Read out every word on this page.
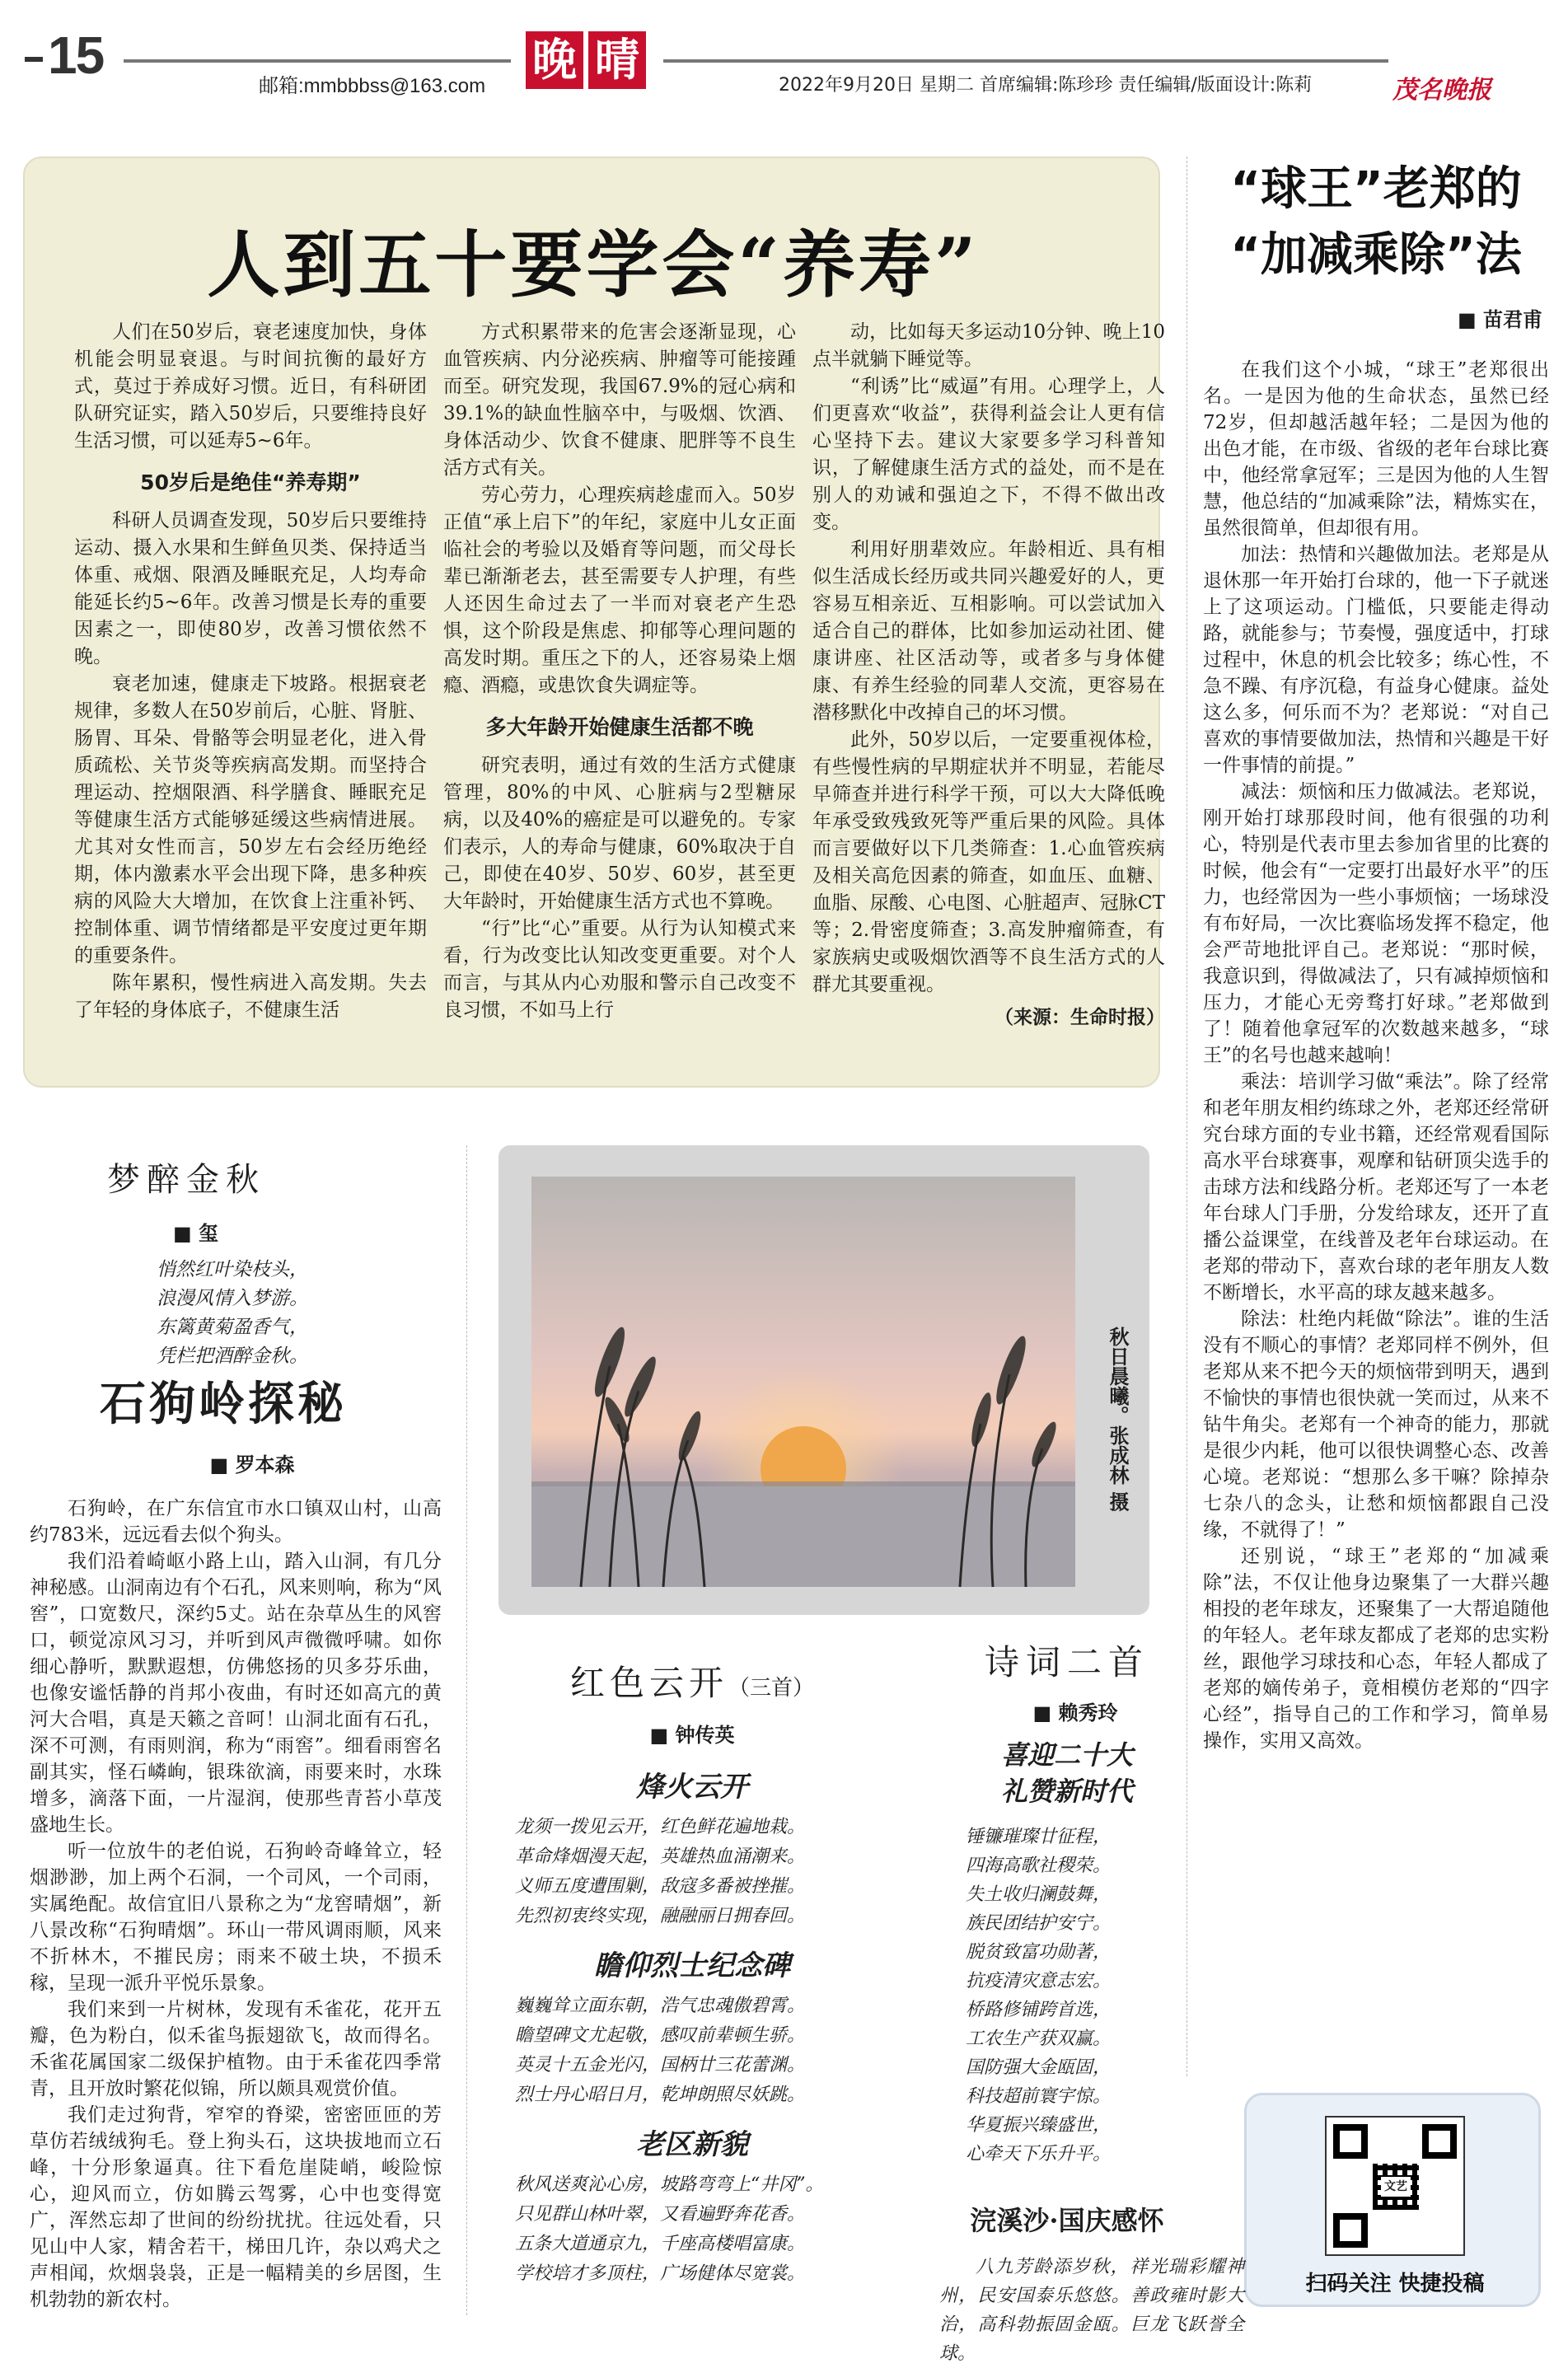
15
邮箱:mmbbbss@163.com
晚 晴	2022年9月20日 星期二 首席编辑:陈珍珍 责任编辑/版面设计:陈莉	茂名晚报
人到五十要学会“养寿”

人们在50岁后，衰老速度加快，身体机能会明显衰退。与时间抗衡的最好方式，莫过于养成好习惯。近日，有科研团队研究证实，踏入50岁后，只要维持良好生活习惯，可以延寿5~6年。

50岁后是绝佳“养寿期”

科研人员调查发现，50岁后只要维持运动、摄入水果和生鲜鱼贝类、保持适当体重、戒烟、限酒及睡眠充足，人均寿命能延长约5~6年。改善习惯是长寿的重要因素之一，即使80岁，改善习惯依然不晚。

衰老加速，健康走下坡路。根据衰老规律，多数人在50岁前后，心脏、肾脏、肠胃、耳朵、骨骼等会明显老化，进入骨质疏松、关节炎等疾病高发期。而坚持合理运动、控烟限酒、科学膳食、睡眠充足等健康生活方式能够延缓这些病情进展。尤其对女性而言，50岁左右会经历绝经期，体内激素水平会出现下降，患多种疾病的风险大大增加，在饮食上注重补钙、控制体重、调节情绪都是平安度过更年期的重要条件。

陈年累积，慢性病进入高发期。失去了年轻的身体底子，不健康生活

方式积累带来的危害会逐渐显现，心血管疾病、内分泌疾病、肿瘤等可能接踵而至。研究发现，我国67.9%的冠心病和39.1%的缺血性脑卒中，与吸烟、饮酒、身体活动少、饮食不健康、肥胖等不良生活方式有关。

劳心劳力，心理疾病趁虚而入。50岁正值“承上启下”的年纪，家庭中儿女正面临社会的考验以及婚育等问题，而父母长辈已渐渐老去，甚至需要专人护理，有些人还因生命过去了一半而对衰老产生恐惧，这个阶段是焦虑、抑郁等心理问题的高发时期。重压之下的人，还容易染上烟瘾、酒瘾，或患饮食失调症等。

多大年龄开始健康生活都不晚

研究表明，通过有效的生活方式健康管理，80%的中风、心脏病与2型糖尿病，以及40%的癌症是可以避免的。专家们表示，人的寿命与健康，60%取决于自己，即使在40岁、50岁、60岁，甚至更大年龄时，开始健康生活方式也不算晚。

“行”比“心”重要。从行为认知模式来看，行为改变比认知改变更重要。对个人而言，与其从内心劝服和警示自己改变不良习惯，不如马上行

动，比如每天多运动10分钟、晚上10点半就躺下睡觉等。

“利诱”比“威逼”有用。心理学上，人们更喜欢“收益”，获得利益会让人更有信心坚持下去。建议大家要多学习科普知识，了解健康生活方式的益处，而不是在别人的劝诫和强迫之下，不得不做出改变。

利用好朋辈效应。年龄相近、具有相似生活成长经历或共同兴趣爱好的人，更容易互相亲近、互相影响。可以尝试加入适合自己的群体，比如参加运动社团、健康讲座、社区活动等，或者多与身体健康、有养生经验的同辈人交流，更容易在潜移默化中改掉自己的坏习惯。

此外，50岁以后，一定要重视体检，有些慢性病的早期症状并不明显，若能尽早筛查并进行科学干预，可以大大降低晚年承受致残致死等严重后果的风险。具体而言要做好以下几类筛查：1.心血管疾病及相关高危因素的筛查，如血压、血糖、血脂、尿酸、心电图、心脏超声、冠脉CT等；2.骨密度筛查；3.高发肿瘤筛查，有家族病史或吸烟饮酒等不良生活方式的人群尤其要重视。

（来源：生命时报）
“球王”老郑的
“加减乘除”法
■ 苗君甫

在我们这个小城，“球王”老郑很出名。一是因为他的生命状态，虽然已经72岁，但却越活越年轻；二是因为他的出色才能，在市级、省级的老年台球比赛中，他经常拿冠军；三是因为他的人生智慧，他总结的“加减乘除”法，精炼实在，虽然很简单，但却很有用。

加法：热情和兴趣做加法。老郑是从退休那一年开始打台球的，他一下子就迷上了这项运动。门槛低，只要能走得动路，就能参与；节奏慢，强度适中，打球过程中，休息的机会比较多；练心性，不急不躁、有序沉稳，有益身心健康。益处这么多，何乐而不为？老郑说：“对自己喜欢的事情要做加法，热情和兴趣是干好一件事情的前提。”

减法：烦恼和压力做减法。老郑说，刚开始打球那段时间，他有很强的功利心，特别是代表市里去参加省里的比赛的时候，他会有“一定要打出最好水平”的压力，也经常因为一些小事烦恼；一场球没有布好局，一次比赛临场发挥不稳定，他会严苛地批评自己。老郑说：“那时候，我意识到，得做减法了，只有减掉烦恼和压力，才能心无旁骛打好球。”老郑做到了！随着他拿冠军的次数越来越多，“球王”的名号也越来越响！

乘法：培训学习做“乘法”。除了经常和老年朋友相约练球之外，老郑还经常研究台球方面的专业书籍，还经常观看国际高水平台球赛事，观摩和钻研顶尖选手的击球方法和线路分析。老郑还写了一本老年台球人门手册，分发给球友，还开了直播公益课堂，在线普及老年台球运动。在老郑的带动下，喜欢台球的老年朋友人数不断增长，水平高的球友越来越多。

除法：杜绝内耗做“除法”。谁的生活没有不顺心的事情？老郑同样不例外，但老郑从来不把今天的烦恼带到明天，遇到不愉快的事情也很快就一笑而过，从来不钻牛角尖。老郑有一个神奇的能力，那就是很少内耗，他可以很快调整心态、改善心境。老郑说：“想那么多干嘛？除掉杂七杂八的念头，让愁和烦恼都跟自己没缘，不就得了！”

还别说，“球王”老郑的“加减乘除”法，不仅让他身边聚集了一大群兴趣相投的老年球友，还聚集了一大帮追随他的年轻人。老年球友都成了老郑的忠实粉丝，跟他学习球技和心态，年轻人都成了老郑的嫡传弟子，竟相模仿老郑的“四字心经”，指导自己的工作和学习，简单易操作，实用又高效。

文艺
扫码关注 快捷投稿
梦醉金秋
■ 玺
悄然红叶染枝头，
浪漫风情入梦游。
东篱黄菊盈香气，
凭栏把酒醉金秋。
石狗岭探秘
■ 罗本森

石狗岭，在广东信宜市水口镇双山村，山高约783米，远远看去似个狗头。

我们沿着崎岖小路上山，踏入山洞，有几分神秘感。山洞南边有个石孔，风来则响，称为“风窖”，口宽数尺，深约5丈。站在杂草丛生的风窖口，顿觉凉风习习，并听到风声微微呼啸。如你细心静听，默默遐想，仿佛悠扬的贝多芬乐曲，也像安谧恬静的肖邦小夜曲，有时还如高亢的黄河大合唱，真是天籁之音呵！山洞北面有石孔，深不可测，有雨则润，称为“雨窖”。细看雨窖名副其实，怪石嶙峋，银珠欲滴，雨要来时，水珠增多，滴落下面，一片湿润，使那些青苔小草茂盛地生长。

听一位放牛的老伯说，石狗岭奇峰耸立，轻烟渺渺，加上两个石洞，一个司风，一个司雨，实属绝配。故信宜旧八景称之为“龙窖晴烟”，新八景改称“石狗晴烟”。环山一带风调雨顺，风来不折林木，不摧民房；雨来不破土块，不损禾稼，呈现一派升平悦乐景象。

我们来到一片树林，发现有禾雀花，花开五瓣，色为粉白，似禾雀鸟振翅欲飞，故而得名。禾雀花属国家二级保护植物。由于禾雀花四季常青，且开放时繁花似锦，所以颇具观赏价值。

我们走过狗背，窄窄的脊梁，密密匝匝的芳草仿若绒绒狗毛。登上狗头石，这块拔地而立石峰，十分形象逼真。往下看危崖陡峭，峻险惊心，迎风而立，仿如腾云驾雾，心中也变得宽广，浑然忘却了世间的纷纷扰扰。往远处看，只见山中人家，精舍若干，梯田几许，杂以鸡犬之声相闻，炊烟袅袅，正是一幅精美的乡居图，生机勃勃的新农村。

秋日晨曦。张成林 摄
红色云开（三首）
■ 钟传英
烽火云开
龙须一拨见云开，红色鲜花遍地栽。
革命烽烟漫天起，英雄热血涌潮来。
义师五度遭围剿，敌寇多番被挫摧。
先烈初衷终实现，融融丽日拥春回。
瞻仰烈士纪念碑
巍巍耸立面东朝，浩气忠魂傲碧霄。
瞻望碑文尤起敬，感叹前辈顿生骄。
英灵十五金光闪，国柄廿三花蕾渊。
烈士丹心昭日月，乾坤朗照尽妖跳。
老区新貌
秋风送爽沁心房，坡路弯弯上“井冈”。
只见群山林叶翠，又看遍野奔花香。
五条大道通京九，千座高楼唱富康。
学校培才多顶柱，广场健体尽宽裳。
诗词二首
■ 赖秀玲
喜迎二十大
礼赞新时代
锤镰璀璨廿征程，
四海高歌社稷荣。
失土收归澜鼓舞，
族民团结护安宁。
脱贫致富功勋著，
抗疫清灾意志宏。
桥路修铺跨首选，
工农生产获双赢。
国防强大金瓯固，
科技超前寰宇惊。
华夏振兴臻盛世，
心牵天下乐升平。
浣溪沙·国庆感怀
八九芳龄添岁秋，祥光瑞彩耀神州，民安国泰乐悠悠。善政雍时影大治，高科勃振固金瓯。巨龙飞跃誉全球。
